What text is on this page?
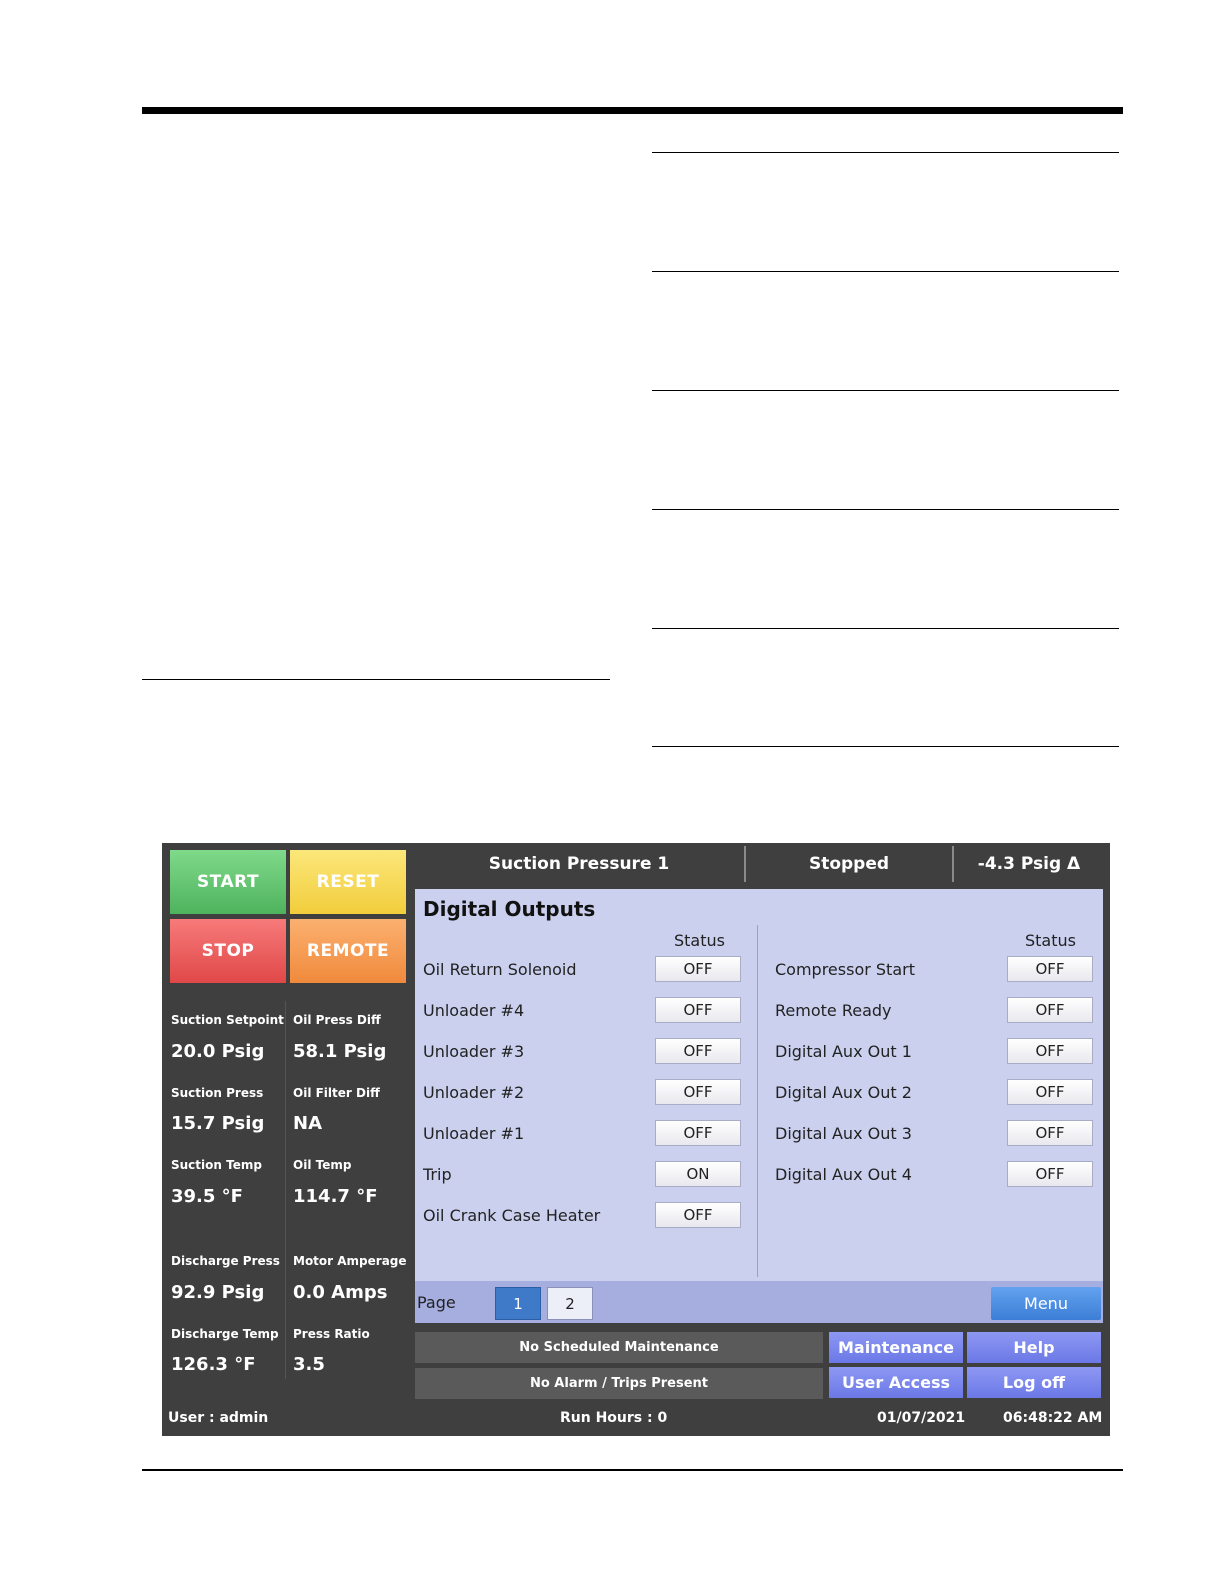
START	RESET
STOP	REMOTE
Suction Setpoint
20.0 Psig
Oil Press Diff
58.1 Psig
Suction Press
15.7 Psig
Oil Filter Diff
NA
Suction Temp
39.5 °F
Oil Temp
114.7 °F
Discharge Press
92.9 Psig
Motor Amperage
0.0 Amps
Discharge Temp
126.3 °F
Press Ratio
3.5
Suction Pressure 1	Stopped	-4.3 Psig Δ
Digital Outputs
Status	Status
Oil Return Solenoid	OFF
Unloader #4	OFF
Unloader #3	OFF
Unloader #2	OFF
Unloader #1	OFF
Trip	ON
Oil Crank Case Heater	OFF
Compressor Start	OFF
Remote Ready	OFF
Digital Aux Out 1	OFF
Digital Aux Out 2	OFF
Digital Aux Out 3	OFF
Digital Aux Out 4	OFF
Page	1	2	Menu
No Scheduled Maintenance
No Alarm / Trips Present
Maintenance	Help
User Access	Log off
User : admin	Run Hours : 0	01/07/2021	06:48:22 AM
